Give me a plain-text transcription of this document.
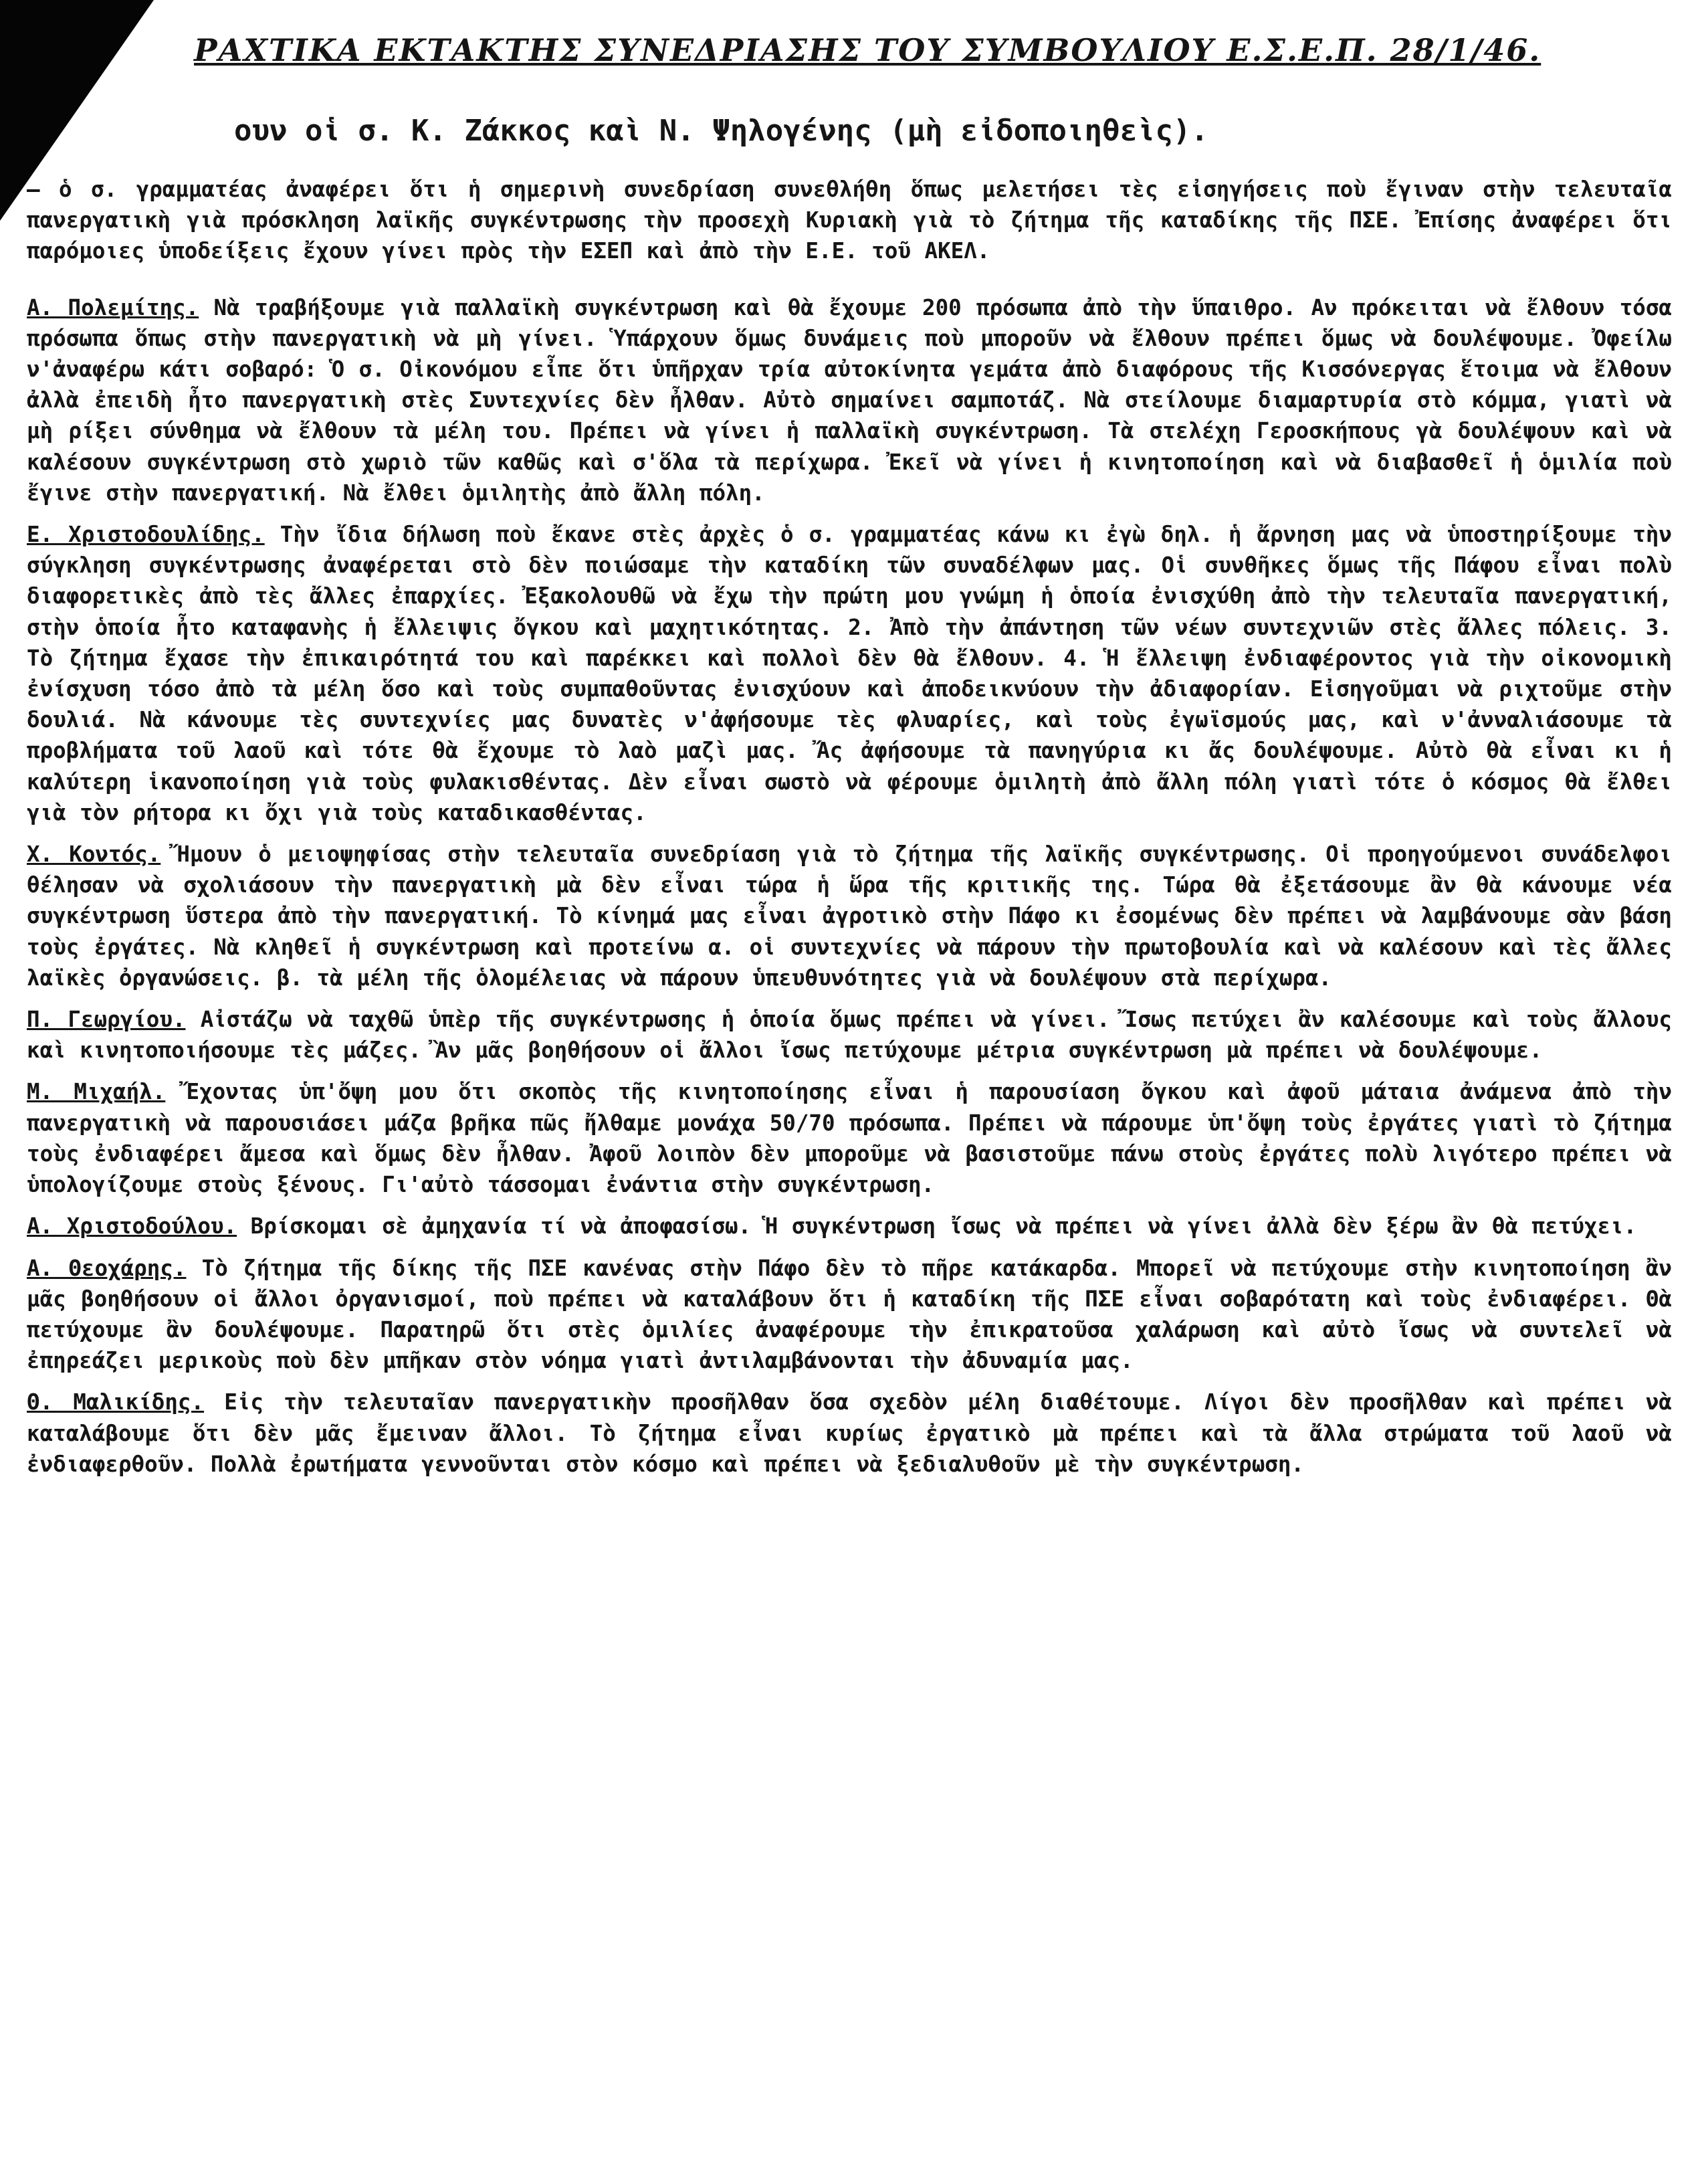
ΡΑΧΤΙΚΑ ΕΚΤΑΚΤΗΣ ΣΥΝΕΔΡΙΑΣΗΣ ΤΟΥ ΣΥΜΒΟΥΛΙΟΥ Ε.Σ.Ε.Π. 28/1/46.

ουν οἱ σ. Κ. Ζάκκος καὶ Ν. Ψηλογένης (μὴ εἰδοποιηθεὶς).

— ὁ σ. γραμματέας ἀναφέρει ὅτι ἡ σημερινὴ συνεδρίαση συνεθλήθη ὅπως μελετήσει τὲς εἰσηγήσεις ποὺ ἔγιναν στὴν τελευταῖα πανεργατικὴ γιὰ πρόσκληση λαϊκῆς συγκέντρωσης τὴν προσεχὴ Κυριακὴ γιὰ τὸ ζήτημα τῆς καταδίκης τῆς ΠΣΕ. Ἐπίσης ἀναφέρει ὅτι παρόμοιες ὑποδείξεις ἔχουν γίνει πρὸς τὴν ΕΣΕΠ καὶ ἀπὸ τὴν Ε.Ε. τοῦ ΑΚΕΛ.

Α. Πολεμίτης. Νὰ τραβήξουμε γιὰ παλλαϊκὴ συγκέντρωση καὶ θὰ ἔχουμε 200 πρόσωπα ἀπὸ τὴν ὕπαιθρο. Αν πρόκειται νὰ ἔλθουν τόσα πρόσωπα ὅπως στὴν πανεργατικὴ νὰ μὴ γίνει. Ὑπάρχουν ὅμως δυνάμεις ποὺ μποροῦν νὰ ἔλθουν πρέπει ὅμως νὰ δουλέψουμε. Ὀφείλω ν'ἀναφέρω κάτι σοβαρό: Ὁ σ. Οἰκονόμου εἶπε ὅτι ὑπῆρχαν τρία αὐτοκίνητα γεμάτα ἀπὸ διαφόρους τῆς Κισσόνεργας ἕτοιμα νὰ ἔλθουν ἀλλὰ ἐπειδὴ ἦτο πανεργατικὴ στὲς Συντεχνίες δὲν ἦλθαν. Αὐτὸ σημαίνει σαμποτάζ. Νὰ στείλουμε διαμαρτυρία στὸ κόμμα, γιατὶ νὰ μὴ ρίξει σύνθημα νὰ ἔλθουν τὰ μέλη του. Πρέπει νὰ γίνει ἡ παλλαϊκὴ συγκέντρωση. Τὰ στελέχη Γεροσκήπους γὰ δουλέψουν καὶ νὰ καλέσουν συγκέντρωση στὸ χωριὸ τῶν καθῶς καὶ σ'ὅλα τὰ περίχωρα. Ἐκεῖ νὰ γίνει ἡ κινητοποίηση καὶ νὰ διαβασθεῖ ἡ ὁμιλία ποὺ ἔγινε στὴν πανεργατική. Νὰ ἔλθει ὁμιλητὴς ἀπὸ ἄλλη πόλη.

Ε. Χριστοδουλίδης. Τὴν ἴδια δήλωση ποὺ ἔκανε στὲς ἀρχὲς ὁ σ. γραμματέας κάνω κι ἐγὼ δηλ. ἡ ἄρνηση μας νὰ ὑποστηρίξουμε τὴν σύγκληση συγκέντρωσης ἀναφέρεται στὸ δὲν ποιώσαμε τὴν καταδίκη τῶν συναδέλφων μας. Οἱ συνθῆκες ὅμως τῆς Πάφου εἶναι πολὺ διαφορετικὲς ἀπὸ τὲς ἄλλες ἐπαρχίες. Ἐξακολουθῶ νὰ ἔχω τὴν πρώτη μου γνώμη ἡ ὁποία ἐνισχύθη ἀπὸ τὴν τελευταῖα πανεργατική, στὴν ὁποία ἦτο καταφανὴς ἡ ἔλλειψις ὄγκου καὶ μαχητικότητας. 2. Ἀπὸ τὴν ἀπάντηση τῶν νέων συντεχνιῶν στὲς ἄλλες πόλεις. 3. Τὸ ζήτημα ἔχασε τὴν ἐπικαιρότητά του καὶ παρέκκει καὶ πολλοὶ δὲν θὰ ἔλθουν. 4. Ἡ ἔλλειψη ἐνδιαφέροντος γιὰ τὴν οἰκονομικὴ ἐνίσχυση τόσο ἀπὸ τὰ μέλη ὅσο καὶ τοὺς συμπαθοῦντας ἐνισχύουν καὶ ἀποδεικνύουν τὴν ἀδιαφορίαν. Εἰσηγοῦμαι νὰ ριχτοῦμε στὴν δουλιά. Νὰ κάνουμε τὲς συντεχνίες μας δυνατὲς ν'ἀφήσουμε τὲς φλυαρίες, καὶ τοὺς ἐγωϊσμούς μας, καὶ ν'ἀνναλιάσουμε τὰ προβλήματα τοῦ λαοῦ καὶ τότε θὰ ἔχουμε τὸ λαὸ μαζὶ μας. Ἄς ἀφήσουμε τὰ πανηγύρια κι ἄς δουλέψουμε. Αὐτὸ θὰ εἶναι κι ἡ καλύτερη ἱκανοποίηση γιὰ τοὺς φυλακισθέντας. Δὲν εἶναι σωστὸ νὰ φέρουμε ὁμιλητὴ ἀπὸ ἄλλη πόλη γιατὶ τότε ὁ κόσμος θὰ ἔλθει γιὰ τὸν ρήτορα κι ὄχι γιὰ τοὺς καταδικασθέντας.

Χ. Κοντός. Ἤμουν ὁ μειοψηφίσας στὴν τελευταῖα συνεδρίαση γιὰ τὸ ζήτημα τῆς λαϊκῆς συγκέντρωσης. Οἱ προηγούμενοι συνάδελφοι θέλησαν νὰ σχολιάσουν τὴν πανεργατικὴ μὰ δὲν εἶναι τώρα ἡ ὥρα τῆς κριτικῆς της. Τώρα θὰ ἐξετάσουμε ἂν θὰ κάνουμε νέα συγκέντρωση ὕστερα ἀπὸ τὴν πανεργατική. Τὸ κίνημά μας εἶναι ἀγροτικὸ στὴν Πάφο κι ἐσομένως δὲν πρέπει νὰ λαμβάνουμε σὰν βάση τοὺς ἐργάτες. Νὰ κληθεῖ ἡ συγκέντρωση καὶ προτείνω α. οἱ συντεχνίες νὰ πάρουν τὴν πρωτοβουλία καὶ νὰ καλέσουν καὶ τὲς ἄλλες λαϊκὲς ὀργανώσεις. β. τὰ μέλη τῆς ὁλομέλειας νὰ πάρουν ὑπευθυνότητες γιὰ νὰ δουλέψουν στὰ περίχωρα.

Π. Γεωργίου. Αἰστάζω νὰ ταχθῶ ὑπὲρ τῆς συγκέντρωσης ἡ ὁποία ὅμως πρέπει νὰ γίνει. Ἴσως πετύχει ἂν καλέσουμε καὶ τοὺς ἄλλους καὶ κινητοποιήσουμε τὲς μάζες. Ἂν μᾶς βοηθήσουν οἱ ἄλλοι ἴσως πετύχουμε μέτρια συγκέντρωση μὰ πρέπει νὰ δουλέψουμε.

Μ. Μιχαήλ. Ἔχοντας ὑπ'ὄψη μου ὅτι σκοπὸς τῆς κινητοποίησης εἶναι ἡ παρουσίαση ὄγκου καὶ ἀφοῦ μάταια ἀνάμενα ἀπὸ τὴν πανεργατικὴ νὰ παρουσιάσει μάζα βρῆκα πῶς ἤλθαμε μονάχα 50/70 πρόσωπα. Πρέπει νὰ πάρουμε ὑπ'ὄψη τοὺς ἐργάτες γιατὶ τὸ ζήτημα τοὺς ἐνδιαφέρει ἄμεσα καὶ ὅμως δὲν ἦλθαν. Ἀφοῦ λοιπὸν δὲν μποροῦμε νὰ βασιστοῦμε πάνω στοὺς ἐργάτες πολὺ λιγότερο πρέπει νὰ ὑπολογίζουμε στοὺς ξένους. Γι'αὐτὸ τάσσομαι ἐνάντια στὴν συγκέντρωση.

Α. Χριστοδούλου. Βρίσκομαι σὲ ἀμηχανία τί νὰ ἀποφασίσω. Ἡ συγκέντρωση ἴσως νὰ πρέπει νὰ γίνει ἀλλὰ δὲν ξέρω ἂν θὰ πετύχει.

Α. Θεοχάρης. Τὸ ζήτημα τῆς δίκης τῆς ΠΣΕ κανένας στὴν Πάφο δὲν τὸ πῆρε κατάκαρδα. Μπορεῖ νὰ πετύχουμε στὴν κινητοποίηση ἂν μᾶς βοηθήσουν οἱ ἄλλοι ὀργανισμοί, ποὺ πρέπει νὰ καταλάβουν ὅτι ἡ καταδίκη τῆς ΠΣΕ εἶναι σοβαρότατη καὶ τοὺς ἐνδιαφέρει. Θὰ πετύχουμε ἂν δουλέψουμε. Παρατηρῶ ὅτι στὲς ὁμιλίες ἀναφέρουμε τὴν ἐπικρατοῦσα χαλάρωση καὶ αὐτὸ ἴσως νὰ συντελεῖ νὰ ἐπηρεάζει μερικοὺς ποὺ δὲν μπῆκαν στὸν νόημα γιατὶ ἀντιλαμβάνονται τὴν ἀδυναμία μας.

Θ. Μαλικίδης. Εἰς τὴν τελευταῖαν πανεργατικὴν προσῆλθαν ὅσα σχεδὸν μέλη διαθέτουμε. Λίγοι δὲν προσῆλθαν καὶ πρέπει νὰ καταλάβουμε ὅτι δὲν μᾶς ἔμειναν ἄλλοι. Τὸ ζήτημα εἶναι κυρίως ἐργατικὸ μὰ πρέπει καὶ τὰ ἄλλα στρώματα τοῦ λαοῦ νὰ ἐνδιαφερθοῦν. Πολλὰ ἐρωτήματα γεννοῦνται στὸν κόσμο καὶ πρέπει νὰ ξεδιαλυθοῦν μὲ τὴν συγκέντρωση.
